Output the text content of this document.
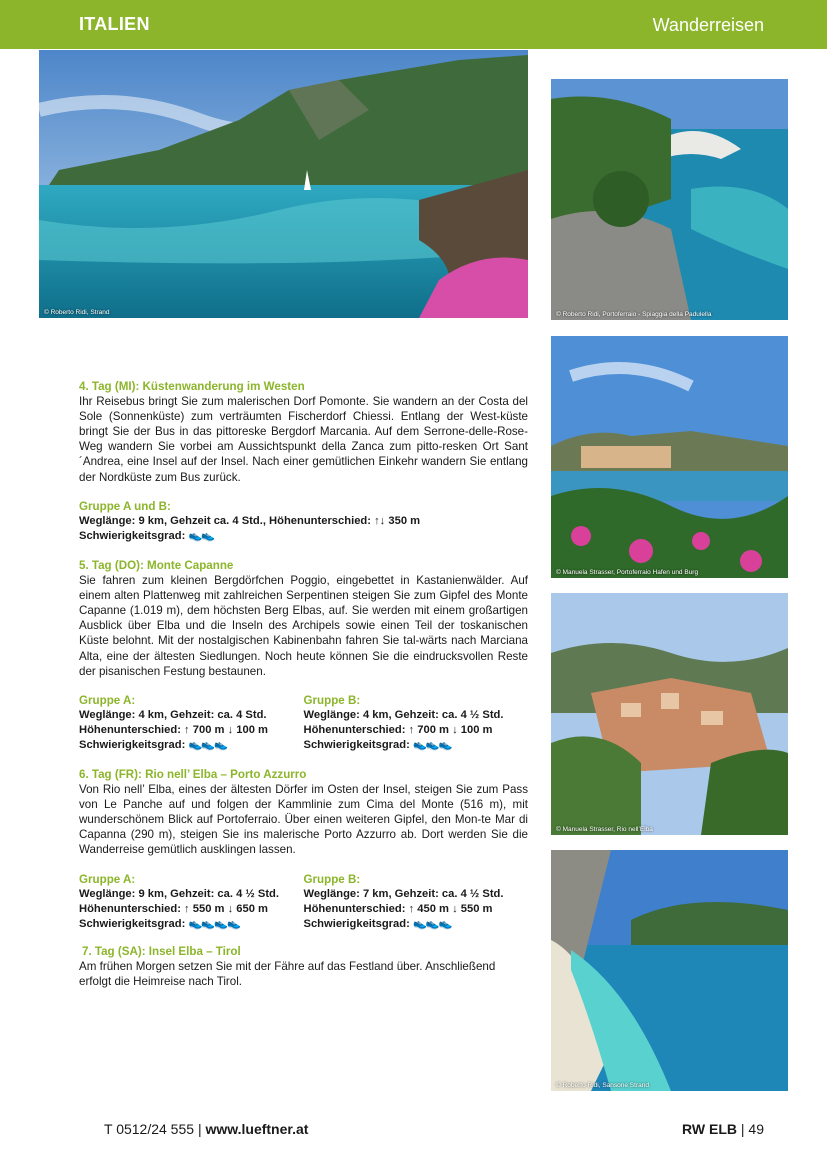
ITALIEN	Wanderreisen
© Roberto Ridi, Strand	© Roberto Ridi, Portoferraio - Spiaggia della Padulella
© Manuela Strasser, Portoferraio Hafen und Burg
© Manuela Strasser, Rio nell’Elba
© Roberto Ridi, Sansone Strand
4. Tag (MI): Küstenwanderung im Westen

Ihr Reisebus bringt Sie zum malerischen Dorf Pomonte. Sie wandern an der Costa del Sole (Sonnenküste) zum verträumten Fischerdorf Chiessi. Entlang der West-küste bringt Sie der Bus in das pittoreske Bergdorf Marcania. Auf dem Serrone-delle-Rose-Weg wandern Sie vorbei am Aussichtspunkt della Zanca zum pitto-resken Ort Sant´Andrea, eine Insel auf der Insel. Nach einer gemütlichen Einkehr wandern Sie entlang der Nordküste zum Bus zurück.

Gruppe A und B:
Weglänge: 9 km, Gehzeit ca. 4 Std., Höhenunterschied: ↑↓ 350 m
Schwierigkeitsgrad: 👟👟
5. Tag (DO): Monte Capanne

Sie fahren zum kleinen Bergdörfchen Poggio, eingebettet in Kastanienwälder. Auf einem alten Plattenweg mit zahlreichen Serpentinen steigen Sie zum Gipfel des Monte Capanne (1.019 m), dem höchsten Berg Elbas, auf. Sie werden mit einem großartigen Ausblick über Elba und die Inseln des Archipels sowie einen Teil der toskanischen Küste belohnt. Mit der nostalgischen Kabinenbahn fahren Sie tal-wärts nach Marciana Alta, eine der ältesten Siedlungen. Noch heute können Sie die eindrucksvollen Reste der pisanischen Festung bestaunen.

Gruppe A:
Weglänge: 4 km, Gehzeit: ca. 4 Std.
Höhenunterschied: ↑ 700 m ↓ 100 m
Schwierigkeitsgrad: 👟👟👟
Gruppe B:
Weglänge: 4 km, Gehzeit: ca. 4 ½ Std.
Höhenunterschied: ↑ 700 m ↓ 100 m
Schwierigkeitsgrad: 👟👟👟
6. Tag (FR): Rio nell’ Elba – Porto Azzurro

Von Rio nell’ Elba, eines der ältesten Dörfer im Osten der Insel, steigen Sie zum Pass von Le Panche auf und folgen der Kammlinie zum Cima del Monte (516 m), mit wunderschönem Blick auf Portoferraio. Über einen weiteren Gipfel, den Mon-te Mar di Capanna (290 m), steigen Sie ins malerische Porto Azzurro ab. Dort werden Sie die Wanderreise gemütlich ausklingen lassen.

Gruppe A:
Weglänge: 9 km, Gehzeit: ca. 4 ½ Std.
Höhenunterschied: ↑ 550 m ↓ 650 m
Schwierigkeitsgrad: 👟👟👟👟
Gruppe B:
Weglänge: 7 km, Gehzeit: ca. 4 ½ Std.
Höhenunterschied: ↑ 450 m ↓ 550 m
Schwierigkeitsgrad: 👟👟👟
7. Tag (SA): Insel Elba – Tirol

Am frühen Morgen setzen Sie mit der Fähre auf das Festland über. Anschließend erfolgt die Heimreise nach Tirol.

T 0512/24 555 | www.lueftner.at	RW ELB | 49
